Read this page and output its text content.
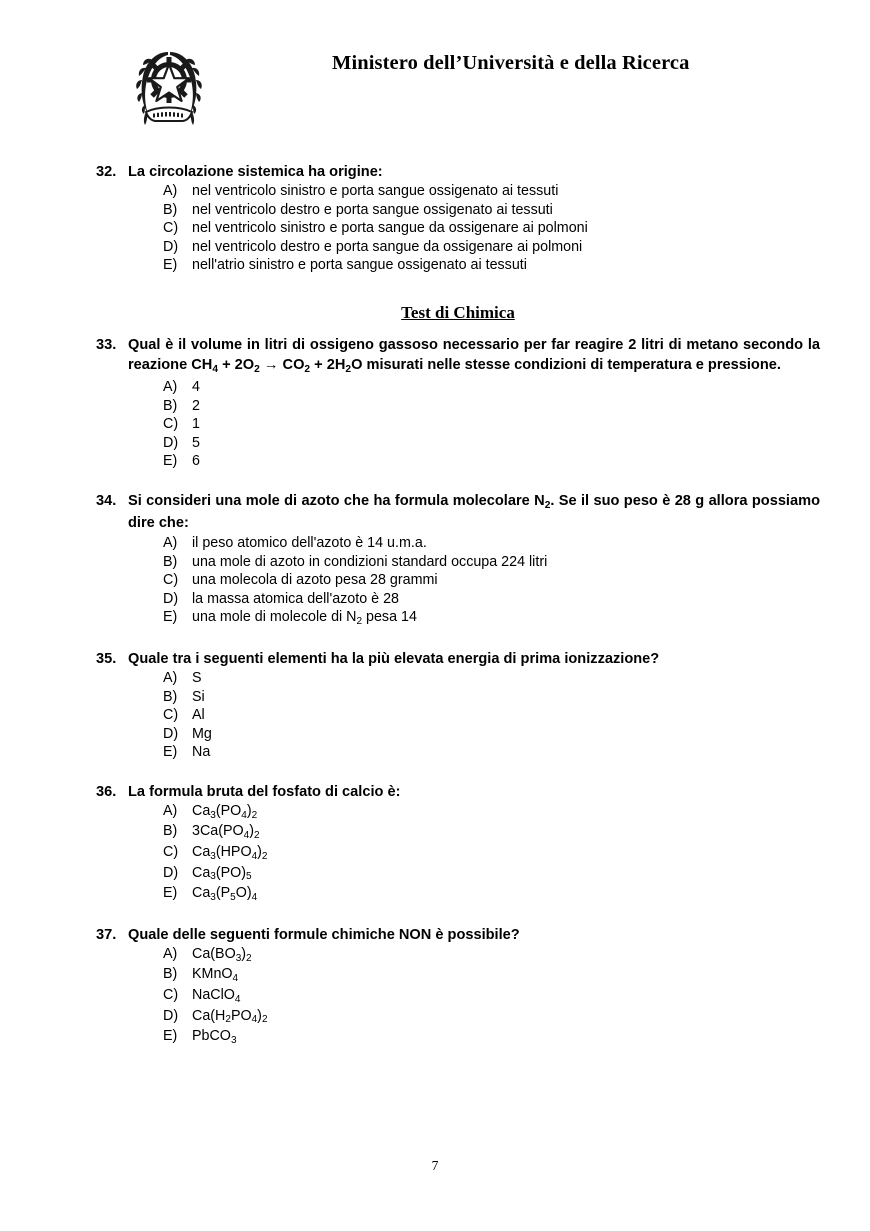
Ministero dell’Università e della Ricerca
32. La circolazione sistemica ha origine:
A)	nel ventricolo sinistro e porta sangue ossigenato ai tessuti
B)	nel ventricolo destro e porta sangue ossigenato ai tessuti
C) nel ventricolo sinistro e porta sangue da ossigenare ai polmoni
D) nel ventricolo destro e porta sangue da ossigenare ai polmoni
E)	nell'atrio sinistro e porta sangue ossigenato ai tessuti
Test di Chimica
33. Qual è il volume in litri di ossigeno gassoso necessario per far reagire 2 litri di metano secondo la reazione $CH_4 + 2O_2 \to CO_2 + 2H_2O$ misurati nelle stesse condizioni di temperatura e pressione.
A)	4
B)	2
C) 1
D) 5
E)	6
34. Si consideri una mole di azoto che ha formula molecolare $N_2$. Se il suo peso è 28 g allora possiamo dire che:
A)	il peso atomico dell'azoto è 14 u.m.a.
B)	una mole di azoto in condizioni standard occupa 224 litri
C) una molecola di azoto pesa 28 grammi
D) la massa atomica dell'azoto è 28
E)	una mole di molecole di $N_2$ pesa 14
35. Quale tra i seguenti elementi ha la più elevata energia di prima ionizzazione?
A)	S
B)	Si
C) Al
D) Mg
E)	Na
36. La formula bruta del fosfato di calcio è:
A)	$Ca_3(PO_4)_2$
B)	$3Ca(PO_4)_2$
C) $Ca_3(HPO_4)_2$
D) $Ca_3(PO)_5$
E)	$Ca_3(P_5O)_4$
37. Quale delle seguenti formule chimiche NON è possibile?
A)	$Ca(BO_3)_2$
B)	KMnO$_4$
C) NaClO$_4$
D) $Ca(H_2PO_4)_2$
E)	PbCO$_3$
7
